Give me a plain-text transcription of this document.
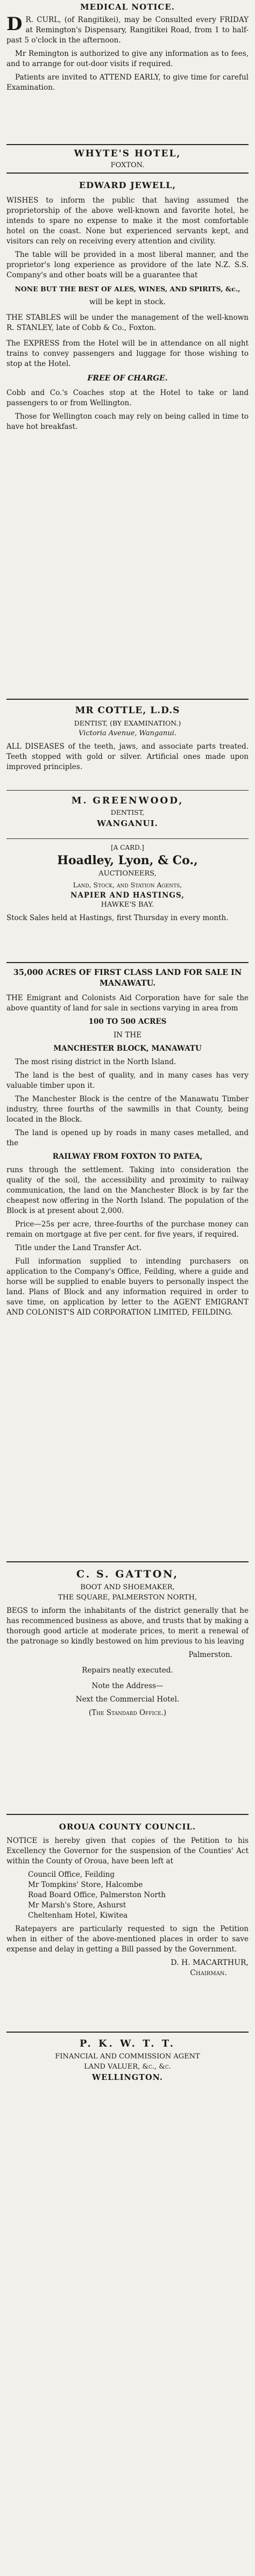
MEDICAL NOTICE.
D R. CURL, (of Rangitikei), may be Consulted every FRIDAY at Remington's Dispensary, Rangitikei Road, from 1 to half-past 5 o'clock in the afternoon.

Mr Remington is authorized to give any information as to fees, and to arrange for out-door visits if required.

Patients are invited to ATTEND EARLY, to give time for careful Examination.

WHYTE'S HOTEL,
FOXTON.
EDWARD JEWELL,

WISHES to inform the public that having assumed the proprietorship of the above well-known and favorite hotel, he intends to spare no expense to make it the most comfortable hotel on the coast. None but experienced servants kept, and visitors can rely on receiving every attention and civility.

The table will be provided in a most liberal manner, and the proprietor's long experience as providore of the late N.Z. S.S. Company's and other boats will be a guarantee that

NONE BUT THE BEST OF ALES, WINES, AND SPIRITS, &c.,

will be kept in stock.

THE STABLES will be under the management of the well-known R. STANLEY, late of Cobb & Co., Foxton.

The EXPRESS from the Hotel will be in attendance on all night trains to convey passengers and luggage for those wishing to stop at the Hotel.

FREE OF CHARGE.

Cobb and Co.'s Coaches stop at the Hotel to take or land passengers to or from Wellington.

Those for Wellington coach may rely on being called in time to have hot breakfast.

MR COTTLE, L.D.S
DENTIST, (BY EXAMINATION.)
Victoria Avenue, Wanganui.

ALL DISEASES of the teeth, jaws, and associate parts treated. Teeth stopped with gold or silver. Artificial ones made upon improved principles.

M. GREENWOOD,
DENTIST,
WANGANUI.
[A CARD.]
Hoadley, Lyon, & Co.,
AUCTIONEERS,
Land, Stock, and Station Agents,
NAPIER AND HASTINGS,
HAWKE'S BAY.

Stock Sales held at Hastings, first Thursday in every month.

35,000 ACRES OF FIRST CLASS LAND FOR SALE IN MANAWATU.

THE Emigrant and Colonists Aid Corporation have for sale the above quantity of land for sale in sections varying in area from

100 TO 500 ACRES

IN THE

MANCHESTER BLOCK, MANAWATU

The most rising district in the North Island.

The land is the best of quality, and in many cases has very valuable timber upon it.

The Manchester Block is the centre of the Manawatu Timber industry, three fourths of the sawmills in that County, being located in the Block.

The land is opened up by roads in many cases metalled, and the

RAILWAY FROM FOXTON TO PATEA,

runs through the settlement. Taking into consideration the quality of the soil, the accessibility and proximity to railway communication, the land on the Manchester Block is by far the cheapest now offering in the North Island. The population of the Block is at present about 2,000.

Price—25s per acre, three-fourths of the purchase money can remain on mortgage at five per cent. for five years, if required.

Title under the Land Transfer Act.

Full information supplied to intending purchasers on application to the Company's Office, Feilding, where a guide and horse will be supplied to enable buyers to personally inspect the land. Plans of Block and any information required in order to save time, on application by letter to the AGENT EMIGRANT AND COLONIST'S AID CORPORATION LIMITED, FEILDING.

C. S. GATTON,
BOOT AND SHOEMAKER,
THE SQUARE, PALMERSTON NORTH,

BEGS to inform the inhabitants of the district generally that he has recommenced business as above, and trusts that by making a thorough good article at moderate prices, to merit a renewal of the patronage so kindly bestowed on him previous to his leaving

Palmerston.

Repairs neatly executed.

Note the Address—

Next the Commercial Hotel.

(The Standard Office.)

OROUA COUNTY COUNCIL.

NOTICE is hereby given that copies of the Petition to his Excellency the Governor for the suspension of the Counties' Act within the County of Oroua, have been left at

Council Office, Feilding

Mr Tompkins' Store, Halcombe

Road Board Office, Palmerston North

Mr Marsh's Store, Ashurst

Cheltenham Hotel, Kiwitea

Ratepayers are particularly requested to sign the Petition when in either of the above-mentioned places in order to save expense and delay in getting a Bill passed by the Government.

D. H. MACARTHUR,
Chairman.
P. K. W. T. T.
FINANCIAL AND COMMISSION AGENT
LAND VALUER, &c., &c.
WELLINGTON.
